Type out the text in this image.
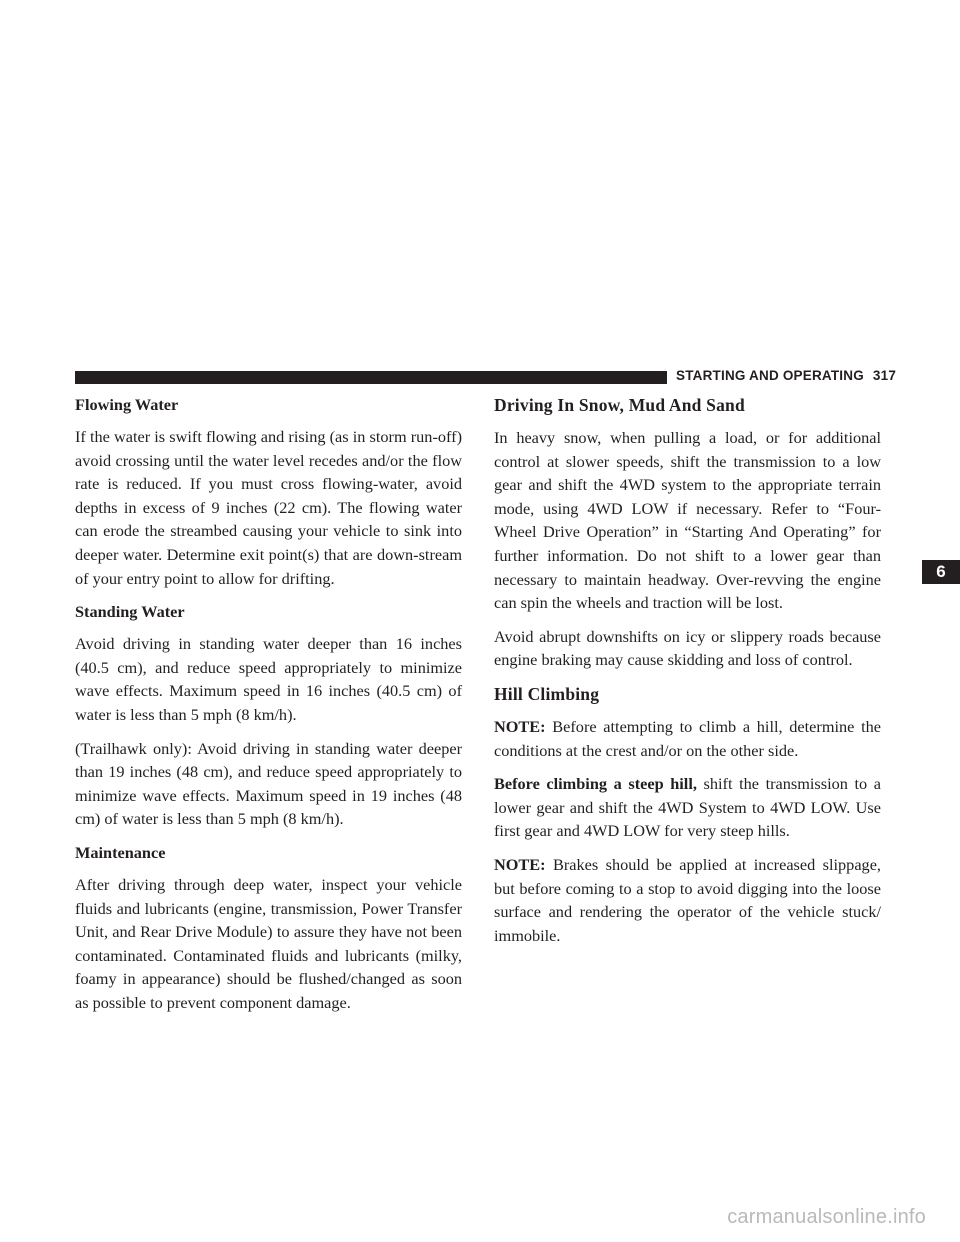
STARTING AND OPERATING 317
Flowing Water

If the water is swift flowing and rising (as in storm run-off) avoid crossing until the water level recedes and/or the flow rate is reduced. If you must cross flowing-water, avoid depths in excess of 9 inches (22 cm). The flowing water can erode the streambed causing your vehicle to sink into deeper water. Determine exit point(s) that are down-stream of your entry point to allow for drifting.

Standing Water

Avoid driving in standing water deeper than 16 inches (40.5 cm), and reduce speed appropriately to minimize wave effects. Maximum speed in 16 inches (40.5 cm) of water is less than 5 mph (8 km/h).

(Trailhawk only): Avoid driving in standing water deeper than 19 inches (48 cm), and reduce speed appropriately to minimize wave effects. Maximum speed in 19 inches (48 cm) of water is less than 5 mph (8 km/h).

Maintenance

After driving through deep water, inspect your vehicle fluids and lubricants (engine, transmission, Power Transfer Unit, and Rear Drive Module) to assure they have not been contaminated. Contaminated fluids and lubricants (milky, foamy in appearance) should be flushed/changed as soon as possible to prevent component damage.

Driving In Snow, Mud And Sand

In heavy snow, when pulling a load, or for additional control at slower speeds, shift the transmission to a low gear and shift the 4WD system to the appropriate terrain mode, using 4WD LOW if necessary. Refer to “Four-Wheel Drive Operation” in “Starting And Operating” for further information. Do not shift to a lower gear than necessary to maintain headway. Over-revving the engine can spin the wheels and traction will be lost.

Avoid abrupt downshifts on icy or slippery roads because engine braking may cause skidding and loss of control.

Hill Climbing

NOTE: Before attempting to climb a hill, determine the conditions at the crest and/or on the other side.

Before climbing a steep hill, shift the transmission to a lower gear and shift the 4WD System to 4WD LOW. Use first gear and 4WD LOW for very steep hills.

NOTE: Brakes should be applied at increased slippage, but before coming to a stop to avoid digging into the loose surface and rendering the operator of the vehicle stuck/ immobile.

6
carmanualsonline.info
